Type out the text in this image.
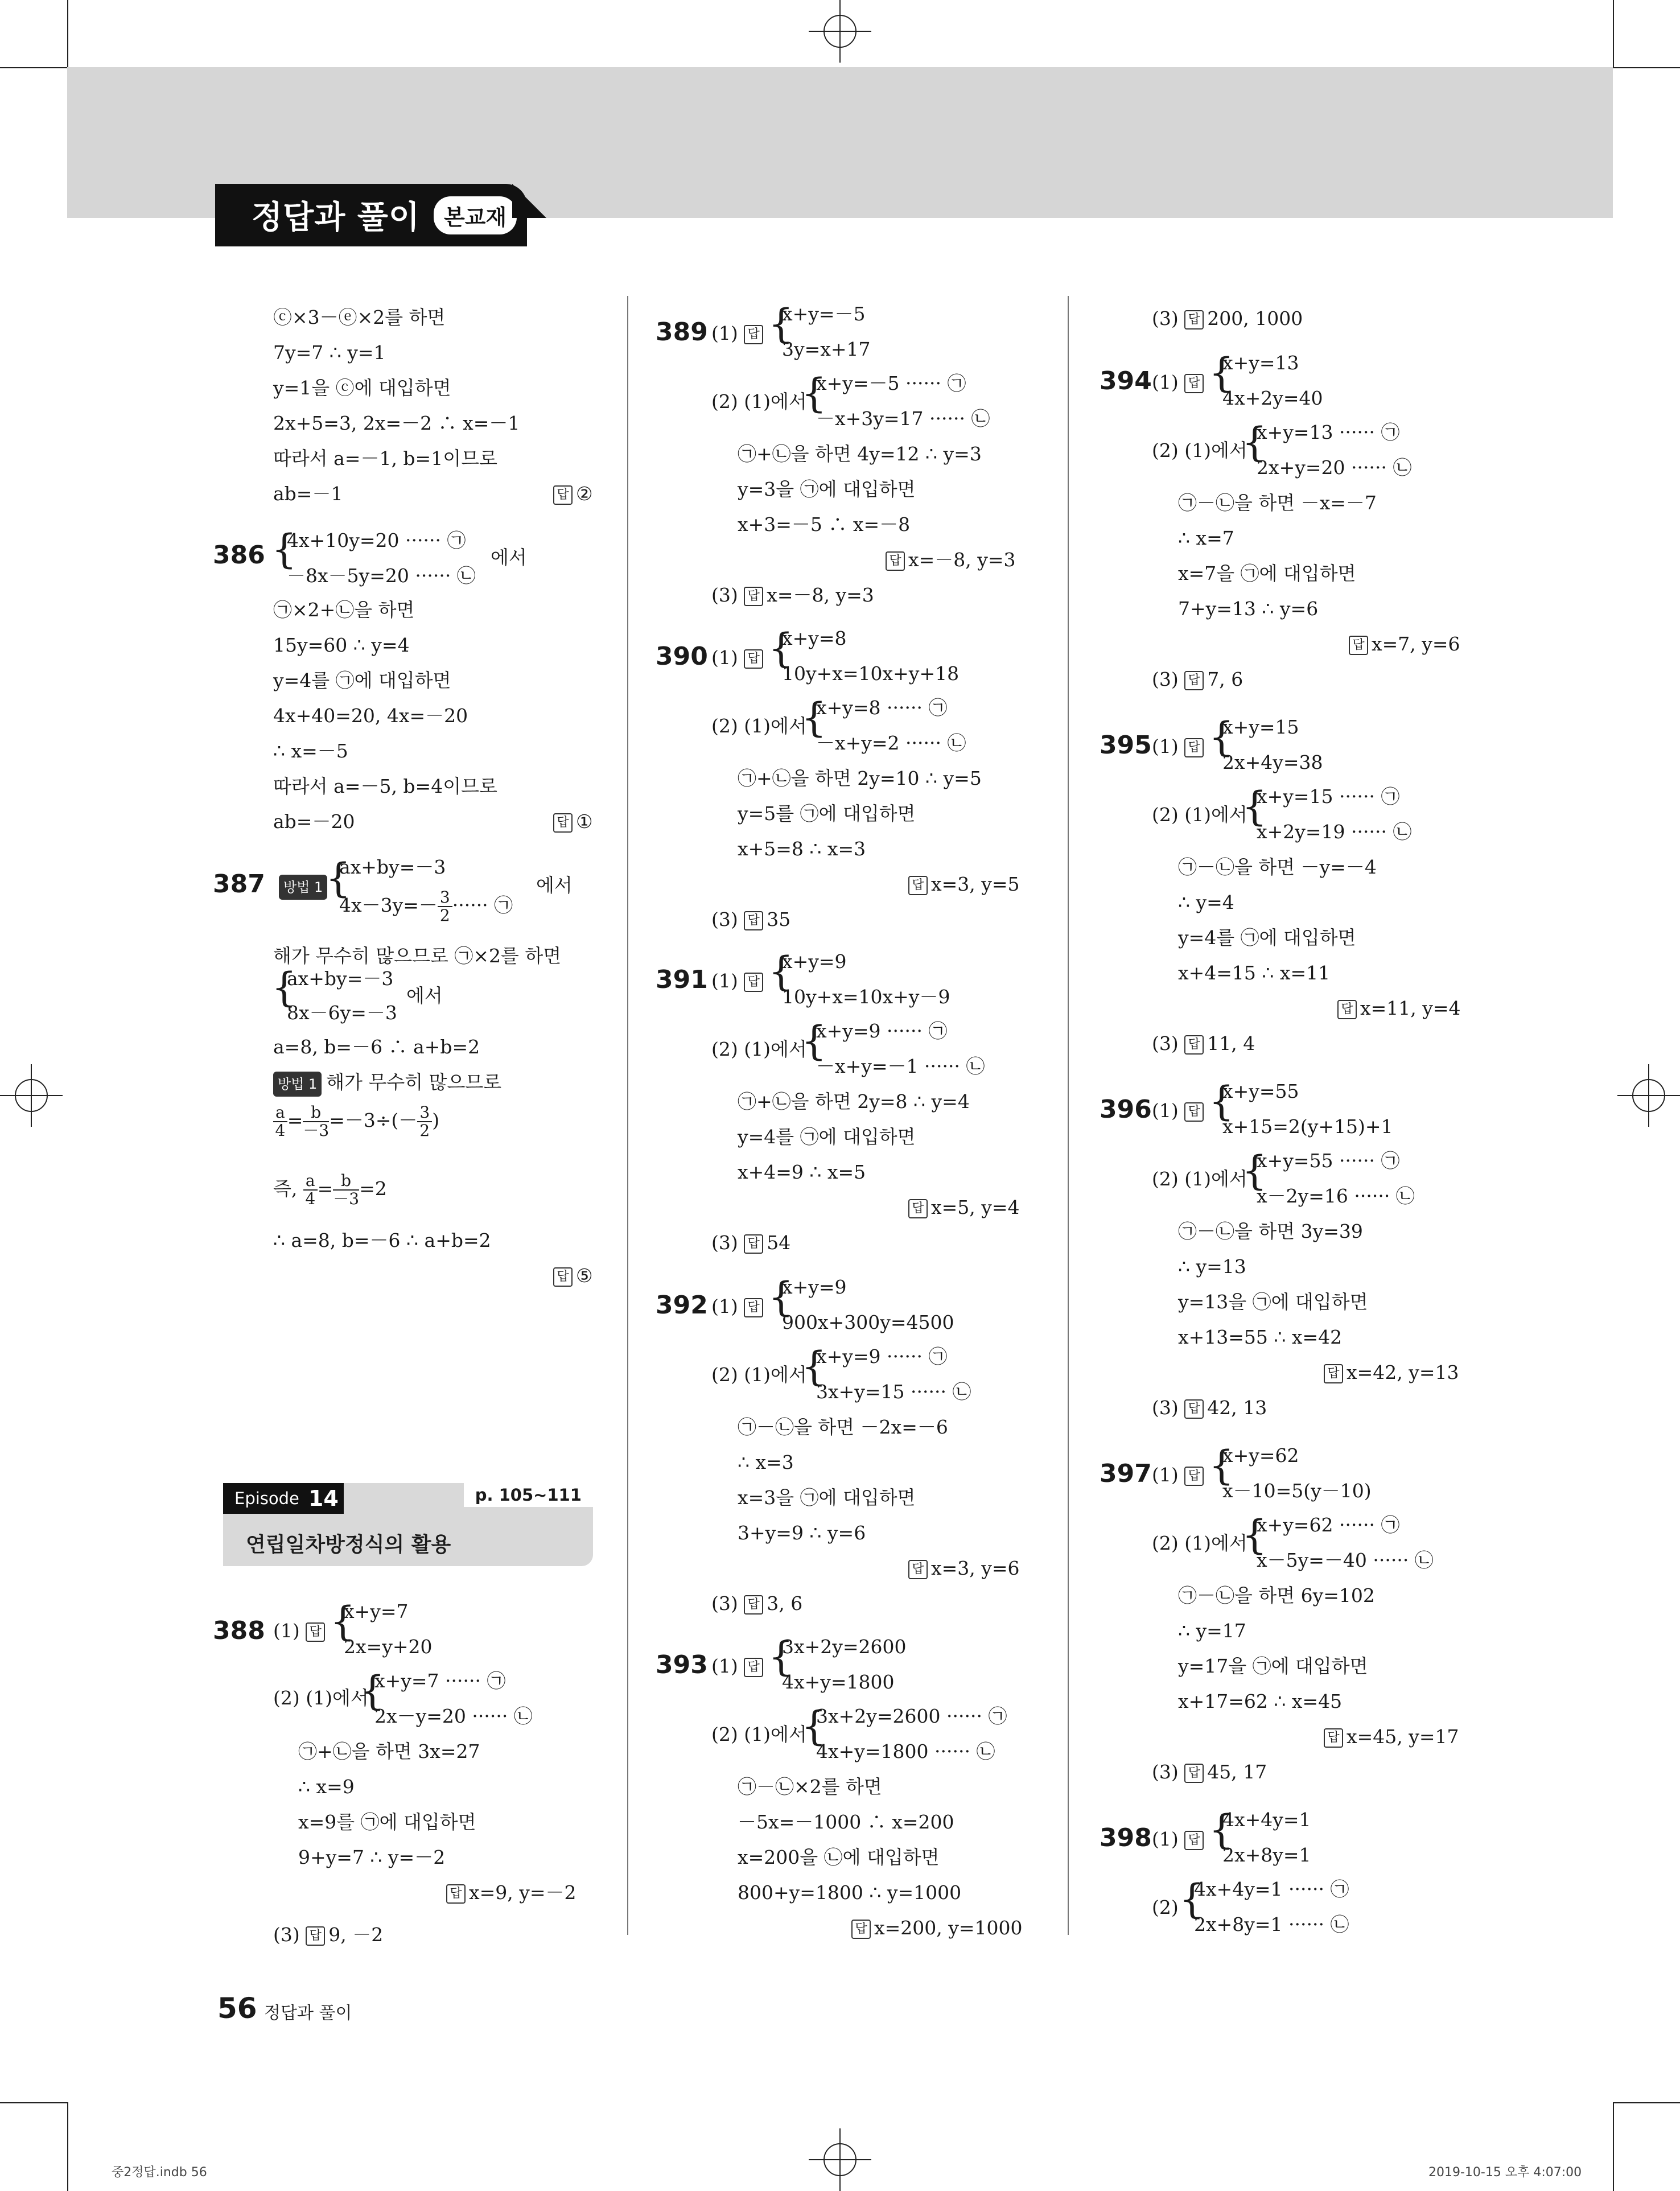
정답과 풀이	본교재
ⓒ×3－ⓔ×2를 하면
7y=7 ∴ y=1
y=1을 ⓒ에 대입하면
2x+5=3, 2x=－2 ∴ x=－1
따라서 a=－1, b=1이므로
ab=－1	답 ②
386 {
4x+10y=20 ······ ㉠
－8x－5y=20 ······ ㉡
에서
㉠×2+㉡을 하면
15y=60 ∴ y=4
y=4를 ㉠에 대입하면
4x+40=20, 4x=－20
∴ x=－5
따라서 a=－5, b=4이므로
ab=－20	답 ①
387	방법 1 {
ax+by=－3
$4x-3y=- \frac{3}{2}$ ······ ㉠
에서
해가 무수히 많으므로 ㉠×2를 하면
{
ax+by=－3
8x－6y=－3
에서
a=8, b=－6 ∴ a+b=2
방법 1 해가 무수히 많으므로
$\frac{a}{4} = \frac{b}{-3} =-3\div(- \frac{3}{2}$ )
즉, $\frac{a}{4} = \frac{b}{-3} =2$
∴ a=8, b=－6 ∴ a+b=2
답 ⑤
388 (1) 답 {
x+y=7
2x=y+20
(2) (1)에서
{
x+y=7 ······ ㉠
2x－y=20 ······ ㉡
㉠+㉡을 하면 3x=27
∴ x=9
x=9를 ㉠에 대입하면
9+y=7 ∴ y=－2
답 x=9, y=－2
(3) 답 9, －2
Episode 14	p. 105~111
연립일차방정식의 활용
389 (1) 답 {
x+y=－5
3y=x+17
(2) (1)에서
{
x+y=－5 ······ ㉠
－x+3y=17 ······ ㉡
㉠+㉡을 하면 4y=12 ∴ y=3
y=3을 ㉠에 대입하면
x+3=－5 ∴ x=－8
답 x=－8, y=3
(3) 답 x=－8, y=3
390 (1) 답 {
x+y=8
10y+x=10x+y+18
(2) (1)에서
{
x+y=8 ······ ㉠
－x+y=2 ······ ㉡
㉠+㉡을 하면 2y=10 ∴ y=5
y=5를 ㉠에 대입하면
x+5=8 ∴ x=3
답 x=3, y=5
(3) 답 35
391 (1) 답 {
x+y=9
10y+x=10x+y－9
(2) (1)에서
{
x+y=9 ······ ㉠
－x+y=－1 ······ ㉡
㉠+㉡을 하면 2y=8 ∴ y=4
y=4를 ㉠에 대입하면
x+4=9 ∴ x=5
답 x=5, y=4
(3) 답 54
392 (1) 답 {
x+y=9
900x+300y=4500
(2) (1)에서
{
x+y=9 ······ ㉠
3x+y=15 ······ ㉡
㉠－㉡을 하면 －2x=－6
∴ x=3
x=3을 ㉠에 대입하면
3+y=9 ∴ y=6
답 x=3, y=6
(3) 답 3, 6
393 (1) 답 {
3x+2y=2600
4x+y=1800
(2) (1)에서
{
3x+2y=2600 ······ ㉠
4x+y=1800 ······ ㉡
㉠－㉡×2를 하면
－5x=－1000 ∴ x=200
x=200을 ㉡에 대입하면
800+y=1800 ∴ y=1000
답 x=200, y=1000
(3) 답 200, 1000
394 (1) 답 {
x+y=13
4x+2y=40
(2) (1)에서
{
x+y=13 ······ ㉠
2x+y=20 ······ ㉡
㉠－㉡을 하면 －x=－7
∴ x=7
x=7을 ㉠에 대입하면
7+y=13 ∴ y=6
답 x=7, y=6
(3) 답 7, 6
395 (1) 답 {
x+y=15
2x+4y=38
(2) (1)에서
{
x+y=15 ······ ㉠
x+2y=19 ······ ㉡
㉠－㉡을 하면 －y=－4
∴ y=4
y=4를 ㉠에 대입하면
x+4=15 ∴ x=11
답 x=11, y=4
(3) 답 11, 4
396 (1) 답 {
x+y=55
x+15=2(y+15)+1
(2) (1)에서
{
x+y=55 ······ ㉠
x－2y=16 ······ ㉡
㉠－㉡을 하면 3y=39
∴ y=13
y=13을 ㉠에 대입하면
x+13=55 ∴ x=42
답 x=42, y=13
(3) 답 42, 13
397 (1) 답 {
x+y=62
x－10=5(y－10)
(2) (1)에서
{
x+y=62 ······ ㉠
x－5y=－40 ······ ㉡
㉠－㉡을 하면 6y=102
∴ y=17
y=17을 ㉠에 대입하면
x+17=62 ∴ x=45
답 x=45, y=17
(3) 답 45, 17
398 (1) 답 {
4x+4y=1
2x+8y=1
(2) {
4x+4y=1 ······ ㉠
2x+8y=1 ······ ㉡
56 정답과 풀이
중2정답.indb 56	2019-10-15 오후 4:07:00
